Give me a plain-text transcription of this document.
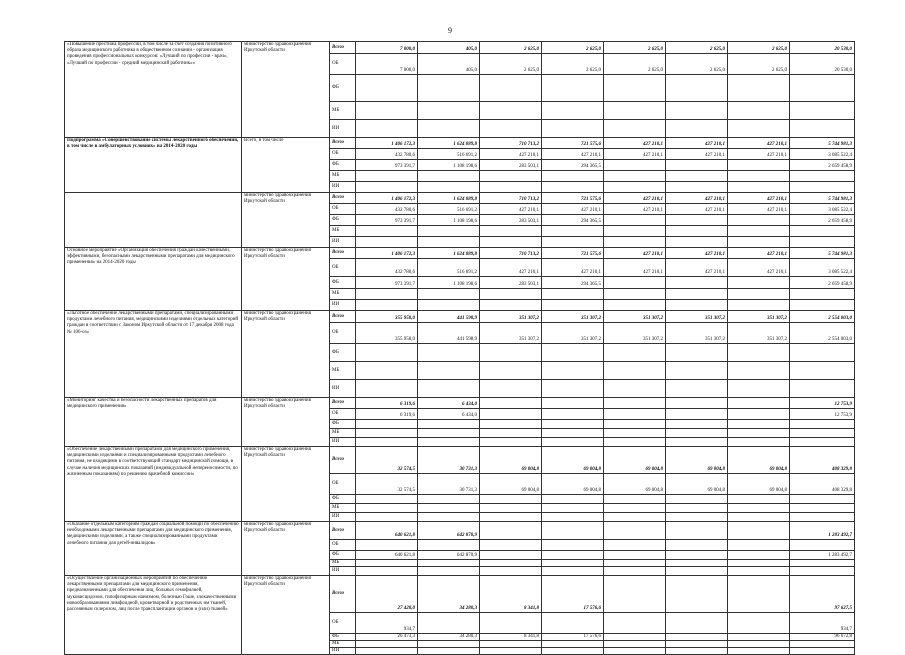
9
«Повышение престижа профессии, в том числе за счет создания позитивного образа медицинского работника в общественном сознании - организация проведения профессиональных конкурсов: «Лучший по профессии - врач», «Лучший по профессии - средний медицинский работник»»	министерство здравоохранения Иркутской области	Всего	7 000,0	405,0	2 625,0	2 625,0	2 625,0	2 625,0	2 625,0	20 530,0
		ОБ	7 000,0	405,0	2 625,0	2 625,0	2 625,0	2 625,0	2 625,0	20 530,0
		ФБ								
		МБ								
		ИИ								
Подпрограмма «Совершенствование системы лекарственного обеспечения, в том числе в амбулаторных условиях» на 2014-2020 годы	Всего, в том числе	Всего	1 406 172,3	1 624 889,8	710 713,2	721 575,6	427 210,1	427 210,1	427 210,1	5 744 981,3
		ОБ	432 780,6	516 691,2	427 210,1	427 210,1	427 210,1	427 210,1	427 210,1	3 085 522,4
		ФБ	973 391,7	1 108 198,6	283 503,1	294 365,5				2 659 458,9
		МБ								
		ИИ								
	министерство здравоохранения Иркутской области	Всего	1 406 172,3	1 624 889,8	710 713,2	721 575,6	427 210,1	427 210,1	427 210,1	5 744 981,3
		ОБ	432 780,6	516 691,2	427 210,1	427 210,1	427 210,1	427 210,1	427 210,1	3 085 522,4
		ФБ	973 391,7	1 108 198,6	283 503,1	294 365,5				2 659 458,9
		МБ								
		ИИ								
Основное мероприятие «Организация обеспечения граждан качественными, эффективными, безопасными лекарственными препаратами для медицинского применения» на 2014-2020 годы	министерство здравоохранения Иркутской области	Всего	1 406 172,3	1 624 889,8	710 713,2	721 575,6	427 210,1	427 210,1	427 210,1	5 744 981,3
		ОБ	432 780,6	516 691,2	427 210,1	427 210,1	427 210,1	427 210,1	427 210,1	3 085 522,4
		ФБ	973 391,7	1 108 198,6	283 503,1	294 365,5				2 659 458,9
		МБ								
		ИИ								
«Льготное обеспечение лекарственными препаратами, специализированными продуктами лечебного питания, медицинскими изделиями отдельных категорий граждан в соответствии с Законом Иркутской области от 17 декабря 2008 года № 106-оз»	министерство здравоохранения Иркутской области	Всего	355 958,0	441 598,9	351 307,2	351 307,2	351 307,2	351 307,2	351 307,2	2 554 003,0
		ОБ	355 958,0	441 598,9	351 307,2	351 307,2	351 307,2	351 307,2	351 307,2	2 554 003,0
		ФБ								
		МБ								
		ИИ								
«Мониторинг качества и безопасности лекарственных препаратов для медицинского применения»	министерство здравоохранения Иркутской области	Всего	6 319,6	6 434,0						12 753,9
		ОБ	6 319,6	6 434,0						12 753,9
		ФБ								
		МБ								
		ИИ								
«Обеспечение лекарственными препаратами для медицинского применения, медицинскими изделиями и специализированными продуктами лечебного питания, не входящими в соответствующий стандарт медицинской помощи, в случае наличия медицинских показаний (индивидуальной непереносимости, по жизненным показаниям) по решению врачебной комиссии»	министерство здравоохранения Иркутской области	Всего	32 574,5	30 731,3	69 004,8	69 004,8	69 004,8	69 004,8	69 004,8	408 329,8
		ОБ	32 574,5	30 731,3	69 004,8	69 004,8	69 004,8	69 004,8	69 004,8	408 329,8
		ФБ								
		МБ								
		ИИ								
«Оказание отдельным категориям граждан социальной помощи по обеспечению необходимыми лекарственными препаратами для медицинского применения, медицинскими изделиями, а также специализированными продуктами лечебного питания для детей-инвалидов»	министерство здравоохранения Иркутской области	Всего	640 621,8	642 870,9						1 283 492,7
		ОБ								
		ФБ	640 621,8	642 870,9						1 283 492,7
		МБ								
		ИИ								
«Осуществление организационных мероприятий по обеспечению лекарственными препаратами для медицинского применения, предназначенными для обеспечения лиц, больных гемофилией, муковисцидозом, гипофизарным нанизмом, болезнью Гоше, злокачественными новообразованиями лимфоидной, кроветворной и родственных им тканей, рассеянным склерозом, лиц после трансплантации органов и (или) тканей»	министерство здравоохранения Иркутской области	Всего	27 428,0	34 280,3	8 341,8	17 576,6				97 627,5
		ОБ	934,7							934,7
		ФБ	26 473,3	34 280,3	8 341,8	17 576,6				96 672,8
		МБ								
		ИИ								
